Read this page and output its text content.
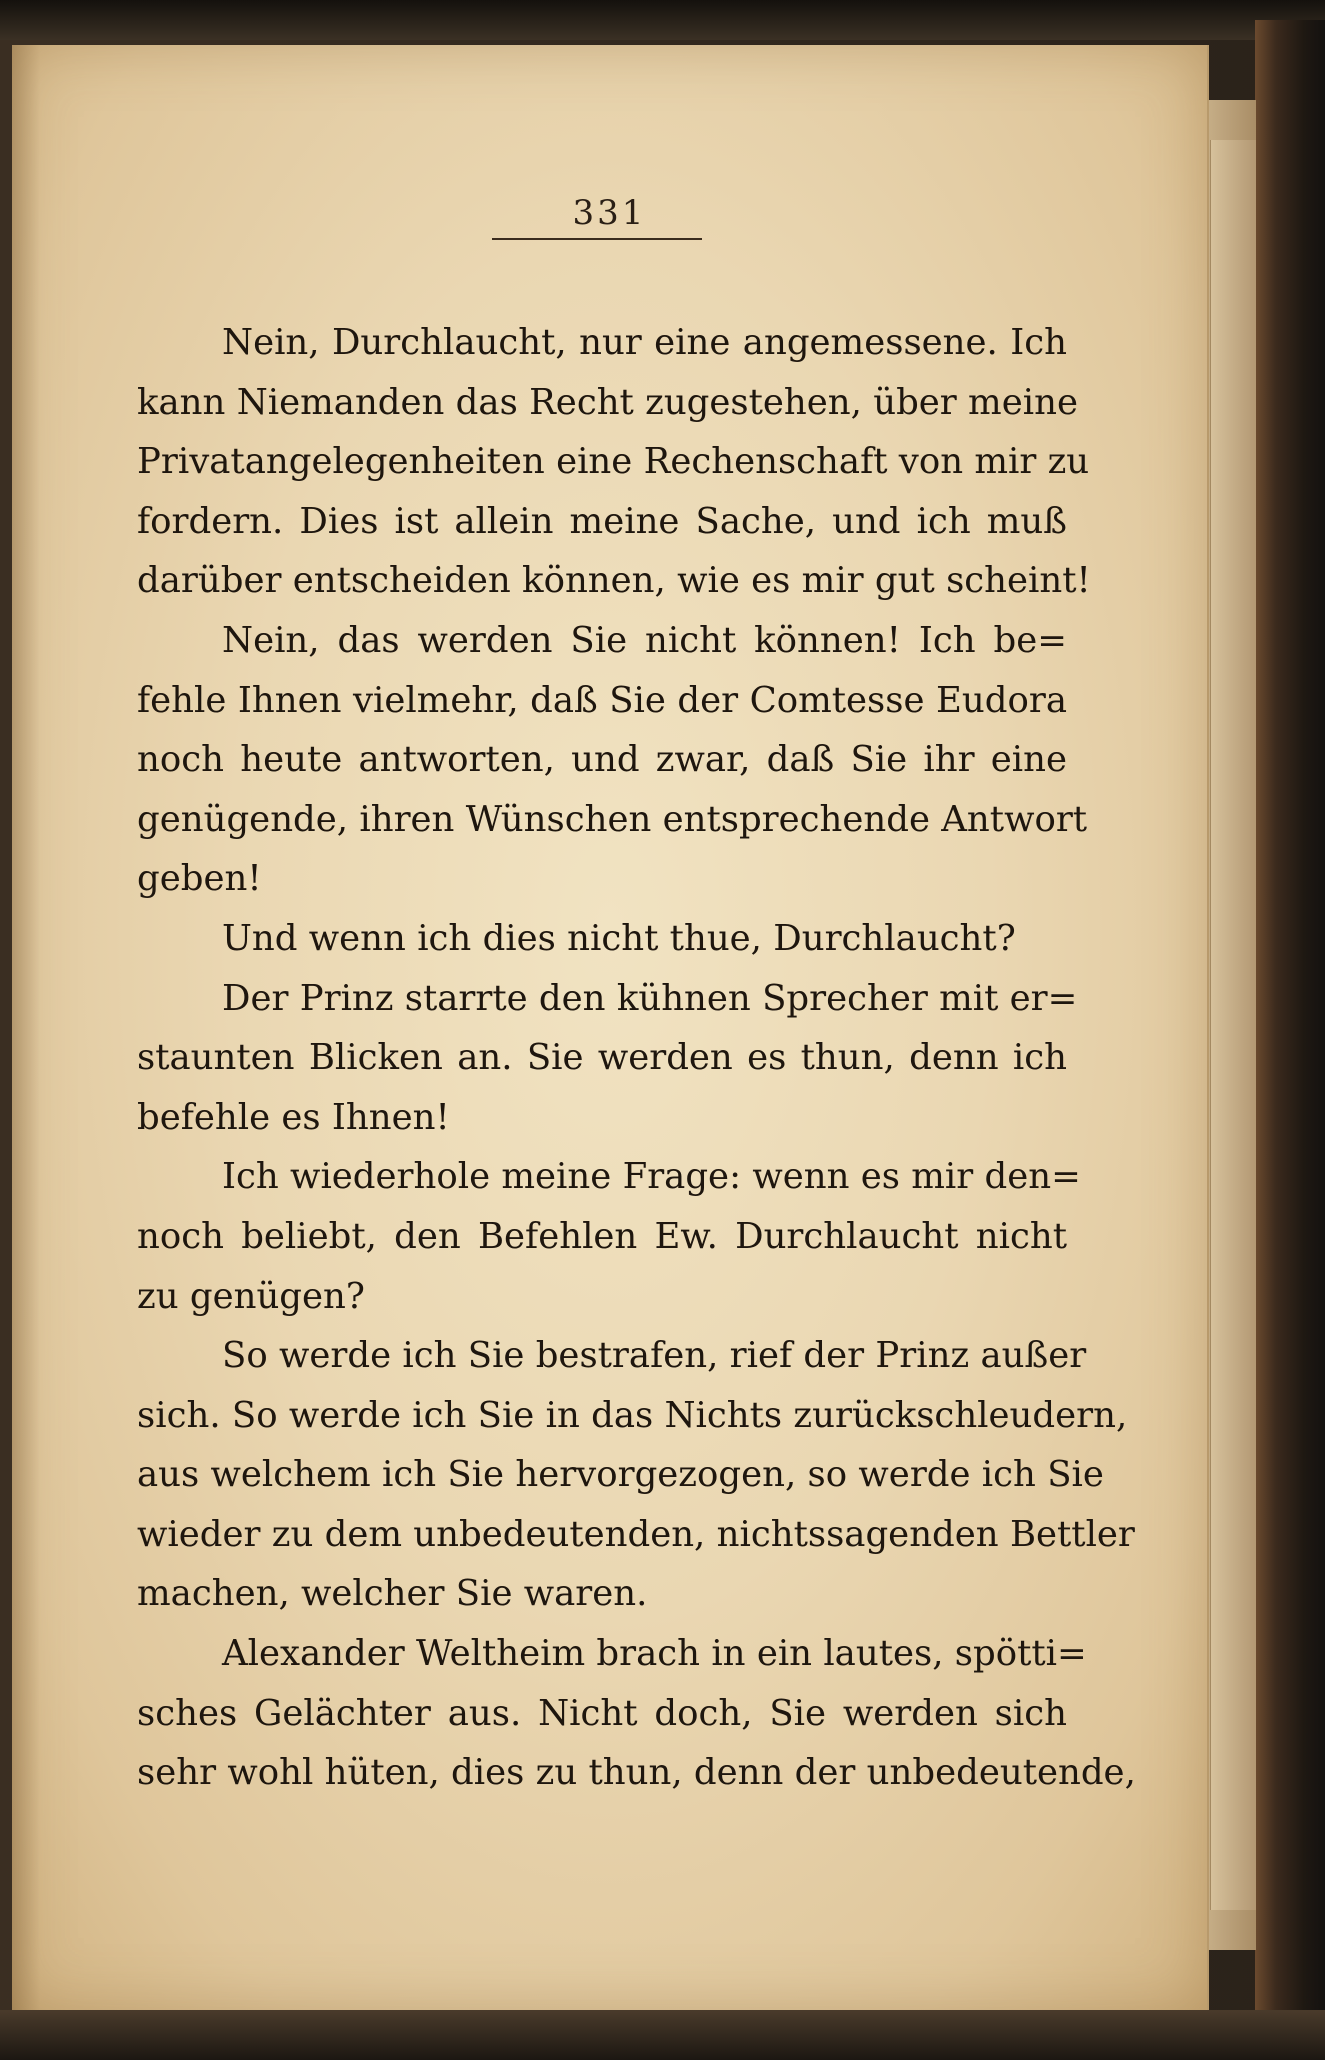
331
Nein, Durchlaucht, nur eine angemessene. Ich
kann Niemanden das Recht zugestehen, über meine
Privatangelegenheiten eine Rechenschaft von mir zu
fordern. Dies ist allein meine Sache, und ich muß
darüber entscheiden können, wie es mir gut scheint!
Nein, das werden Sie nicht können! Ich be=
fehle Ihnen vielmehr, daß Sie der Comtesse Eudora
noch heute antworten, und zwar, daß Sie ihr eine
genügende, ihren Wünschen entsprechende Antwort
geben!
Und wenn ich dies nicht thue, Durchlaucht?
Der Prinz starrte den kühnen Sprecher mit er=
staunten Blicken an. Sie werden es thun, denn ich
befehle es Ihnen!
Ich wiederhole meine Frage: wenn es mir den=
noch beliebt, den Befehlen Ew. Durchlaucht nicht
zu genügen?
So werde ich Sie bestrafen, rief der Prinz außer
sich. So werde ich Sie in das Nichts zurückschleudern,
aus welchem ich Sie hervorgezogen, so werde ich Sie
wieder zu dem unbedeutenden, nichtssagenden Bettler
machen, welcher Sie waren.
Alexander Weltheim brach in ein lautes, spötti=
sches Gelächter aus. Nicht doch, Sie werden sich
sehr wohl hüten, dies zu thun, denn der unbedeutende,
